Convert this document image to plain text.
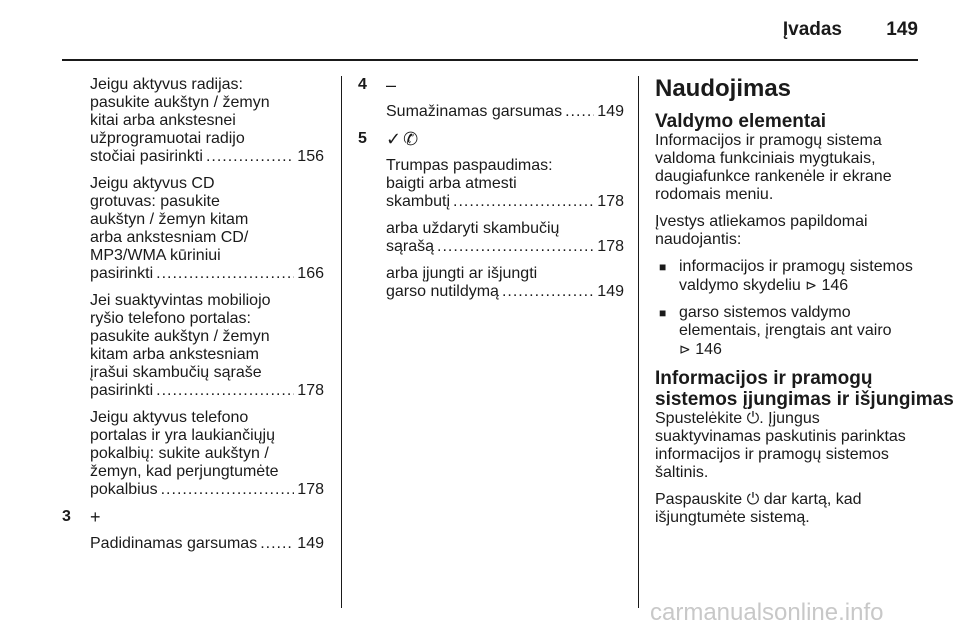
Įvadas 149
Jeigu aktyvus radijas:
pasukite aukštyn / žemyn
kitai arba ankstesnei
užprogramuotai radijo
stočiai pasirinkti .....	156
Jeigu aktyvus CD
grotuvas: pasukite
aukštyn / žemyn kitam
arba ankstesniam CD/
MP3/WMA kūriniui
pasirinkti .....	166
Jei suaktyvintas mobiliojo
ryšio telefono portalas:
pasukite aukštyn / žemyn
kitam arba ankstesniam
įrašui skambučių sąraše
pasirinkti .....	178
Jeigu aktyvus telefono
portalas ir yra laukiančiųjų
pokalbių: sukite aukštyn /
žemyn, kad perjungtumėte
pokalbius .....	178
3	+
Padidinamas garsumas .....	149
4	–
Sumažinamas garsumas ..... 149
5	✓✆
Trumpas paspaudimas:
baigti arba atmesti
skambutį .....	178
arba uždaryti skambučių
sąrašą .....	178
arba įjungti ar išjungti
garso nutildymą .....	149
Naudojimas
Valdymo elementai
Informacijos ir pramogų sistema
valdoma funkciniais mygtukais,
daugiafunkce rankenėle ir ekrane
rodomais meniu.
Įvestys atliekamos papildomai
naudojantis:
■ informacijos ir pramogų sistemos
valdymo skydeliu ⊳ 146
■ garso sistemos valdymo
elementais, įrengtais ant vairo
⊳ 146
Informacijos ir pramogų
sistemos įjungimas ir išjungimas
Spustelėkite ⏻. Įjungus
suaktyvinamas paskutinis parinktas
informacijos ir pramogų sistemos
šaltinis.
Paspauskite ⏻ dar kartą, kad
išjungtumėte sistemą.
carmanualsonline.info
